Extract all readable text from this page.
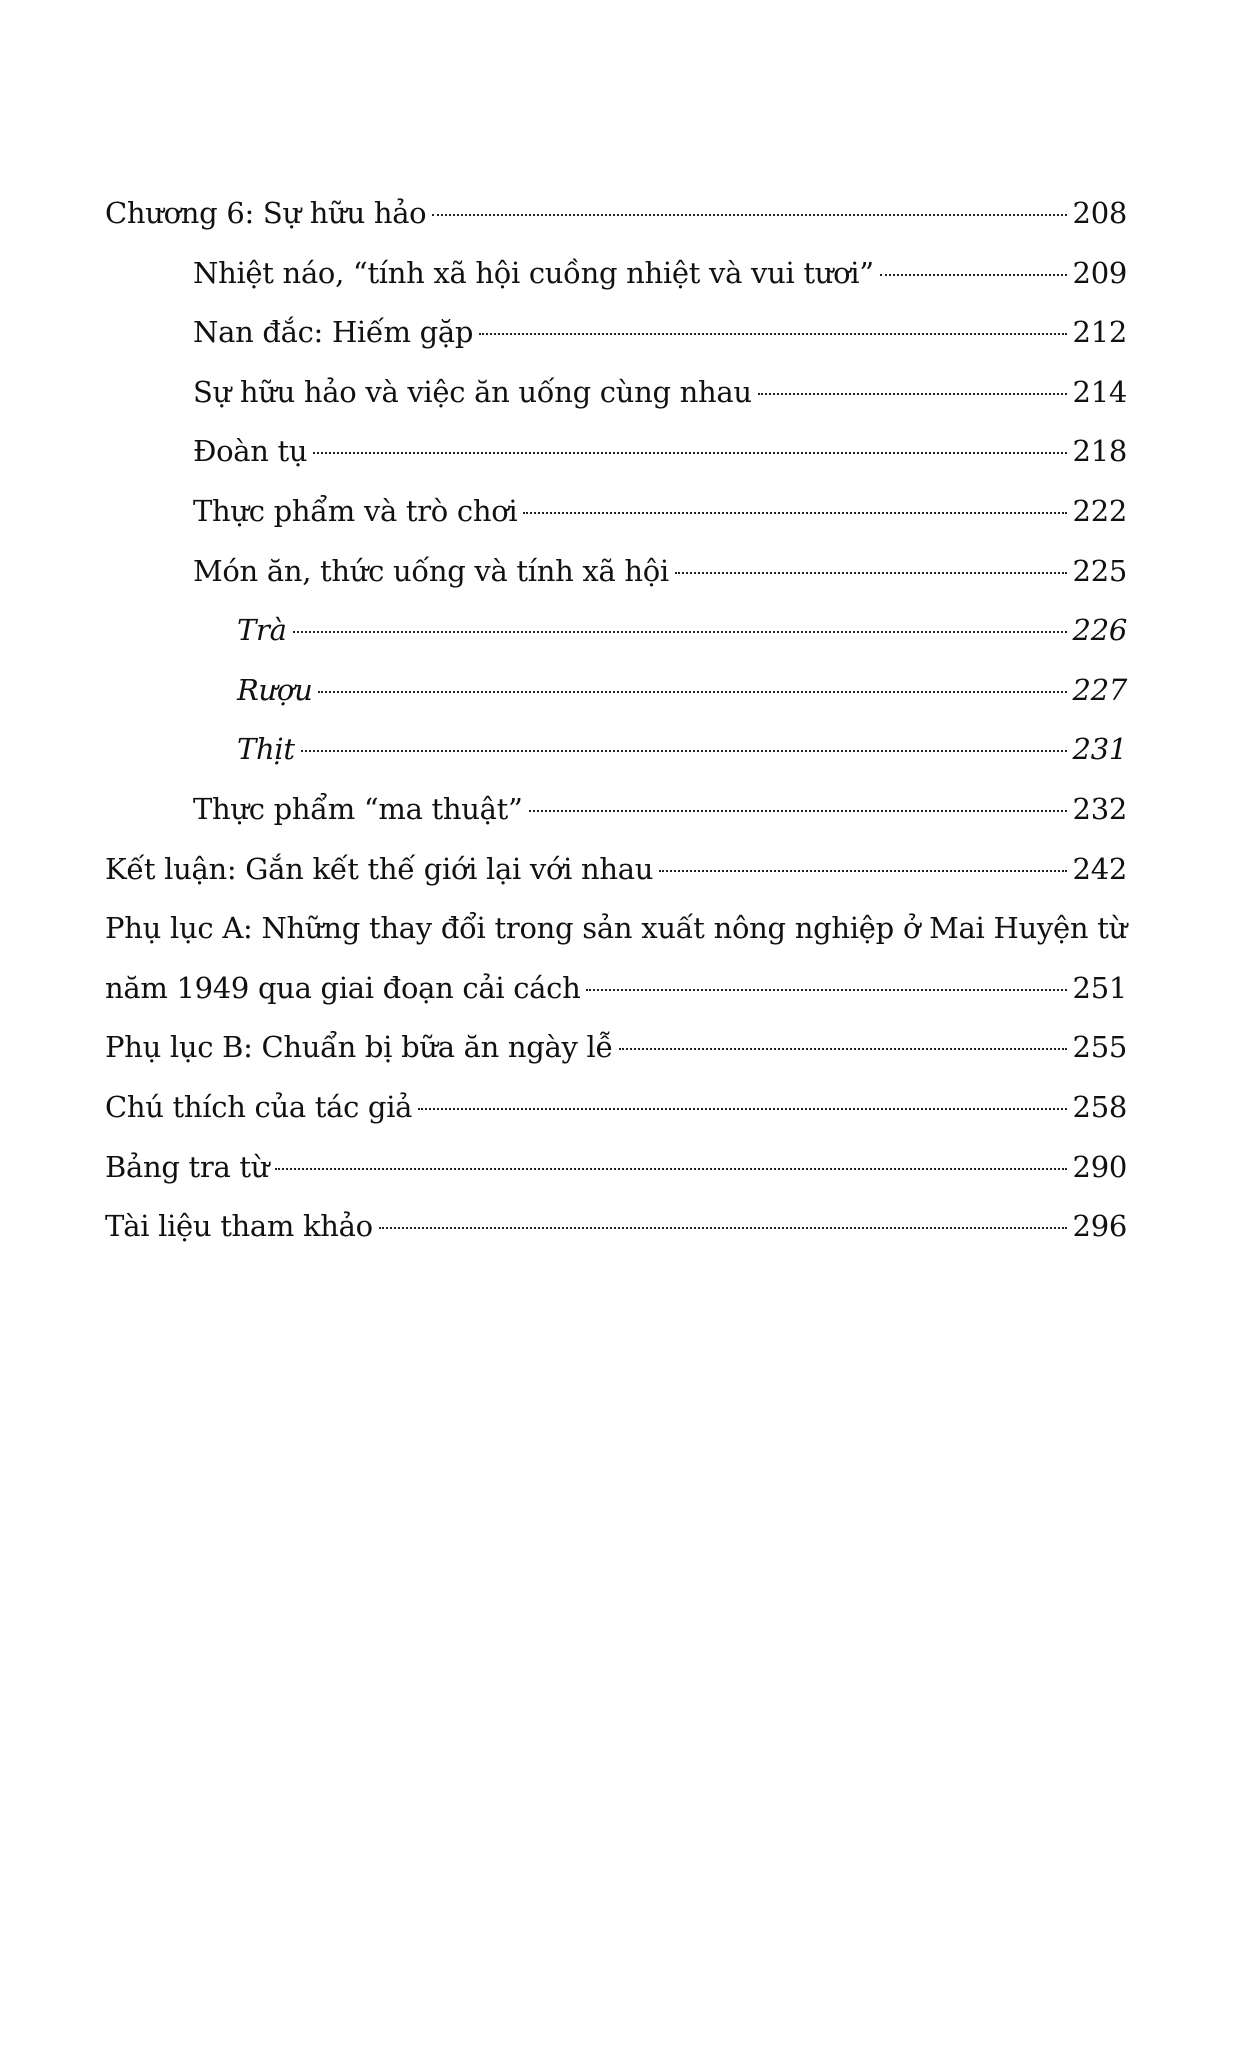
Chương 6: Sự hữu hảo	208
Nhiệt náo, “tính xã hội cuồng nhiệt và vui tươi”	209
Nan đắc: Hiếm gặp	212
Sự hữu hảo và việc ăn uống cùng nhau	214
Đoàn tụ	218
Thực phẩm và trò chơi	222
Món ăn, thức uống và tính xã hội	225
Trà	226
Rượu	227
Thịt	231
Thực phẩm “ma thuật”	232
Kết luận: Gắn kết thế giới lại với nhau	242
Phụ lục A: Những thay đổi trong sản xuất nông nghiệp ở Mai Huyện từ
năm 1949 qua giai đoạn cải cách	251
Phụ lục B: Chuẩn bị bữa ăn ngày lễ	255
Chú thích của tác giả	258
Bảng tra từ	290
Tài liệu tham khảo	296
